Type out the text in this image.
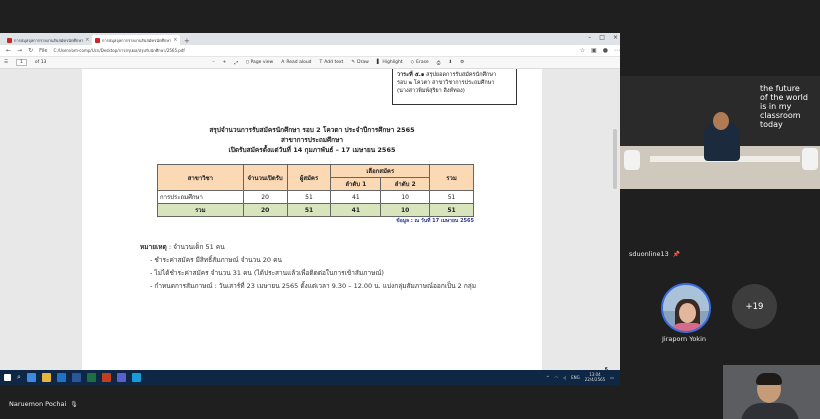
การสมุลจุลการรายงานรับสมัครนักศึกษา ×	การสมุลจุลการรายงานรับสมัครนักศึกษา × +	– □ ×
← → ↻ File C:/Users/om-comp/Ucn/Desktop/การสรุปผล/สรุปรับนักศึกษา/2565.pdf	☆ ▣ ● ⋯
☰	1	of 13	– + ⤢ ▯ Page view A Read aloud T Add text ✎ Draw ▌ Highlight ◇ Erase ⎙ ⬇ ⚙
วาระที่ ๕.๑ สรุปยอดการรับสมัครนักศึกษา
รอบ ๒ โควตา สาขาวิชาการประถมศึกษา
(นางสาวพิมพ์สุริยา สิงห์ทอง)
สรุปจำนวนการรับสมัครนักศึกษา รอบ 2 โควตา ประจำปีการศึกษา 2565
สาขาการประถมศึกษา
เปิดรับสมัครตั้งแต่วันที่ 14 กุมภาพันธ์ – 17 เมษายน 2565
สาขาวิชา	จำนวนเปิดรับ	ผู้สมัคร	เลือกสมัคร		รวม
			ลำดับ 1	ลำดับ 2	
การประถมศึกษา	20	51	41	10	51
รวม	20	51	41	10	51
ข้อมูล : ณ วันที่ 17 เมษายน 2565
หมายเหตุ : จำนวนเด็ก 51 คน
- ชำระค่าสมัคร มีสิทธิ์สัมภาษณ์ จำนวน 20 คน
- ไม่ได้ชำระค่าสมัคร จำนวน 31 คน (ได้ประสานแล้วเพื่อติดต่อในการเข้าสัมภาษณ์)
- กำหนดการสัมภาษณ์ : วันเสาร์ที่ 23 เมษายน 2565 ตั้งแต่เวลา 9.30 – 12.00 น. แบ่งกลุ่มสัมภาษณ์ออกเป็น 2 กลุ่ม
⌕	^ ◠ ◁ ENG	13:04
22/4/2565 ▭
the future
of the world
is in my
classroom
today
sduonline13 📌
Jiraporn Yokin
+19
Naruemon Pochai 🎙
